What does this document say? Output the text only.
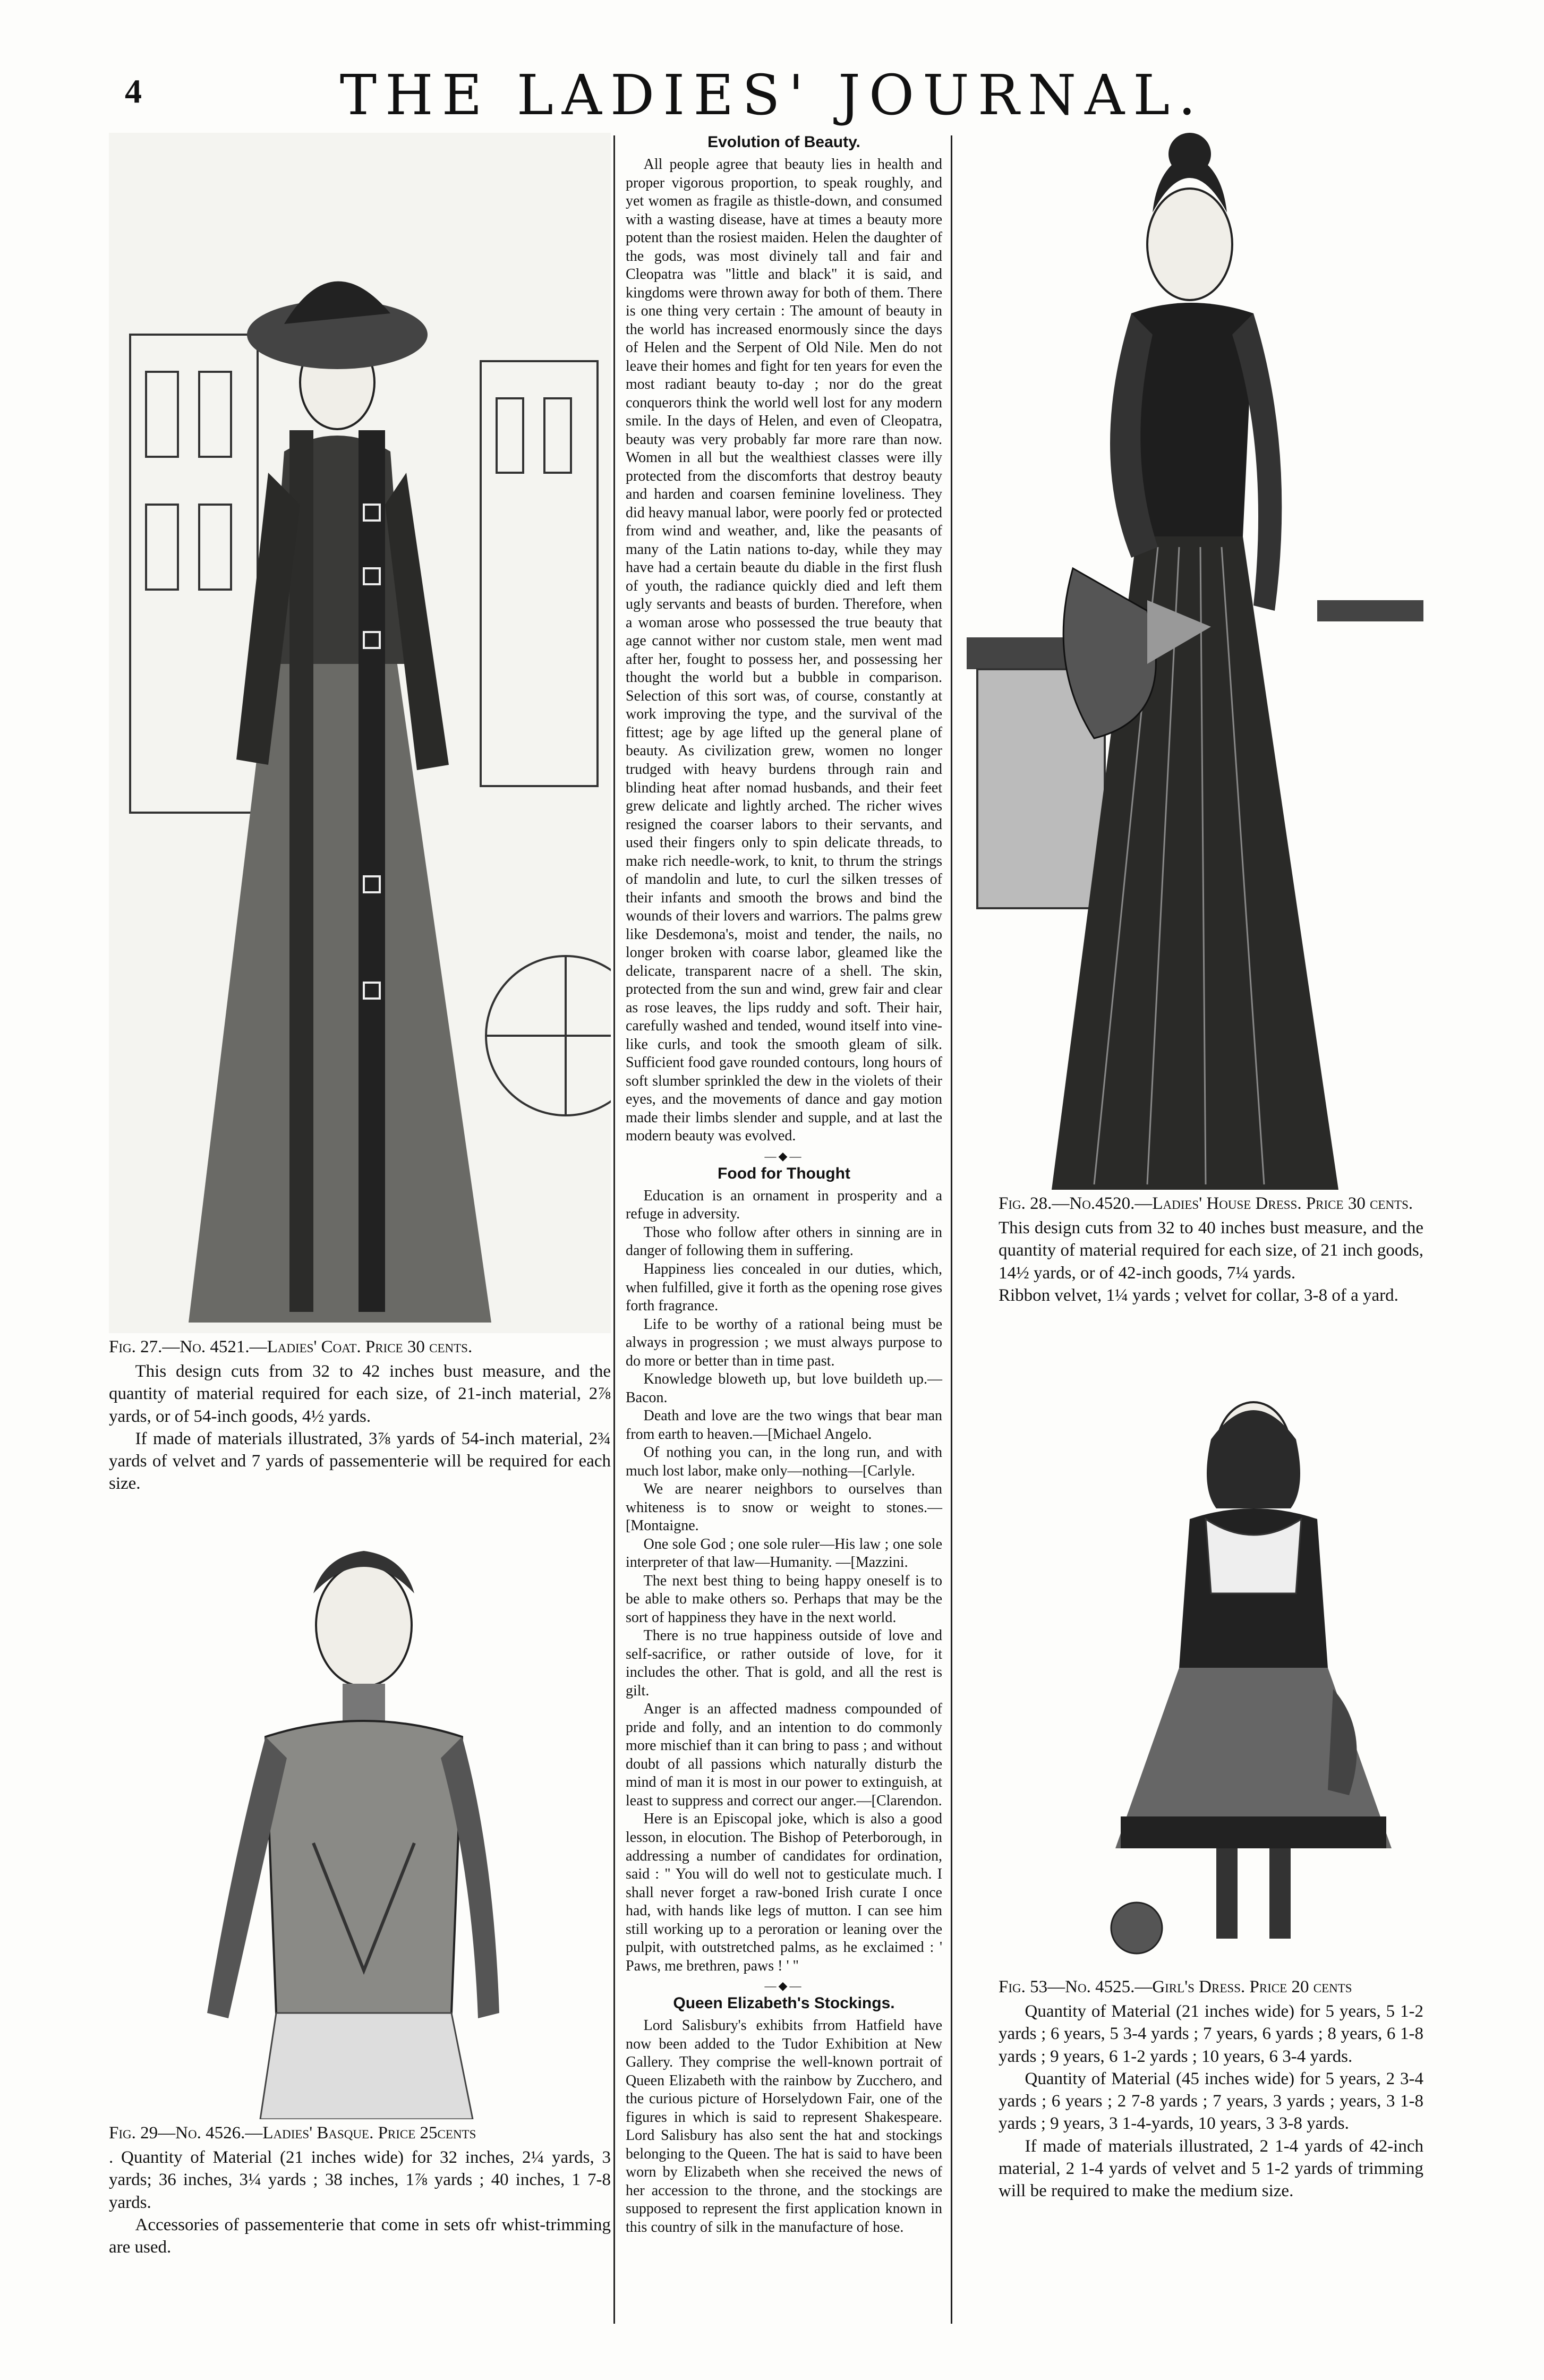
4	THE LADIES' JOURNAL.
Fig. 27.—No. 4521.—Ladies' Coat. Price 30 cents.

This design cuts from 32 to 42 inches bust measure, and the quantity of material required for each size, of 21-inch material, 2⅞ yards, or of 54-inch goods, 4½ yards.

If made of materials illustrated, 3⅞ yards of 54-inch material, 2¾ yards of velvet and 7 yards of passementerie will be required for each size.

Fig. 29—No. 4526.—Ladies' Basque. Price 25cents

. Quantity of Material (21 inches wide) for 32 inches, 2¼ yards, 3 yards; 36 inches, 3¼ yards ; 38 inches, 1⅞ yards ; 40 inches, 1 7-8 yards.

Accessories of passementerie that come in sets ofr whist-trimming are used.

Evolution of Beauty.

All people agree that beauty lies in health and proper vigorous proportion, to speak roughly, and yet women as fragile as thistle-down, and consumed with a wasting disease, have at times a beauty more potent than the rosiest maiden. Helen the daughter of the gods, was most divinely tall and fair and Cleopatra was "little and black" it is said, and kingdoms were thrown away for both of them. There is one thing very certain : The amount of beauty in the world has increased enormously since the days of Helen and the Serpent of Old Nile. Men do not leave their homes and fight for ten years for even the most radiant beauty to-day ; nor do the great conquerors think the world well lost for any modern smile. In the days of Helen, and even of Cleopatra, beauty was very probably far more rare than now. Women in all but the wealthiest classes were illy protected from the discomforts that destroy beauty and harden and coarsen feminine loveliness. They did heavy manual labor, were poorly fed or protected from wind and weather, and, like the peasants of many of the Latin nations to-day, while they may have had a certain beaute du diable in the first flush of youth, the radiance quickly died and left them ugly servants and beasts of burden. Therefore, when a woman arose who possessed the true beauty that age cannot wither nor custom stale, men went mad after her, fought to possess her, and possessing her thought the world but a bubble in comparison. Selection of this sort was, of course, constantly at work improving the type, and the survival of the fittest; age by age lifted up the general plane of beauty. As civilization grew, women no longer trudged with heavy burdens through rain and blinding heat after nomad husbands, and their feet grew delicate and lightly arched. The richer wives resigned the coarser labors to their servants, and used their fingers only to spin delicate threads, to make rich needle-work, to knit, to thrum the strings of mandolin and lute, to curl the silken tresses of their infants and smooth the brows and bind the wounds of their lovers and warriors. The palms grew like Desdemona's, moist and tender, the nails, no longer broken with coarse labor, gleamed like the delicate, transparent nacre of a shell. The skin, protected from the sun and wind, grew fair and clear as rose leaves, the lips ruddy and soft. Their hair, carefully washed and tended, wound itself into vine-like curls, and took the smooth gleam of silk. Sufficient food gave rounded contours, long hours of soft slumber sprinkled the dew in the violets of their eyes, and the movements of dance and gay motion made their limbs slender and supple, and at last the modern beauty was evolved.

—◆—
Food for Thought

Education is an ornament in prosperity and a refuge in adversity.

Those who follow after others in sinning are in danger of following them in suffering.

Happiness lies concealed in our duties, which, when fulfilled, give it forth as the opening rose gives forth fragrance.

Life to be worthy of a rational being must be always in progression ; we must always purpose to do more or better than in time past.

Knowledge bloweth up, but love buildeth up.—Bacon.

Death and love are the two wings that bear man from earth to heaven.—[Michael Angelo.

Of nothing you can, in the long run, and with much lost labor, make only—nothing—[Carlyle.

We are nearer neighbors to ourselves than whiteness is to snow or weight to stones.—[Montaigne.

One sole God ; one sole ruler—His law ; one sole interpreter of that law—Humanity. —[Mazzini.

The next best thing to being happy oneself is to be able to make others so. Perhaps that may be the sort of happiness they have in the next world.

There is no true happiness outside of love and self-sacrifice, or rather outside of love, for it includes the other. That is gold, and all the rest is gilt.

Anger is an affected madness compounded of pride and folly, and an intention to do commonly more mischief than it can bring to pass ; and without doubt of all passions which naturally disturb the mind of man it is most in our power to extinguish, at least to suppress and correct our anger.—[Clarendon.

Here is an Episcopal joke, which is also a good lesson, in elocution. The Bishop of Peterborough, in addressing a number of candidates for ordination, said : " You will do well not to gesticulate much. I shall never forget a raw-boned Irish curate I once had, with hands like legs of mutton. I can see him still working up to a peroration or leaning over the pulpit, with outstretched palms, as he exclaimed : ' Paws, me brethren, paws ! ' "

—◆—
Queen Elizabeth's Stockings.

Lord Salisbury's exhibits frrom Hatfield have now been added to the Tudor Exhibition at New Gallery. They comprise the well-known portrait of Queen Elizabeth with the rainbow by Zucchero, and the curious picture of Horselydown Fair, one of the figures in which is said to represent Shakespeare. Lord Salisbury has also sent the hat and stockings belonging to the Queen. The hat is said to have been worn by Elizabeth when she received the news of her accession to the throne, and the stockings are supposed to represent the first application known in this country of silk in the manufacture of hose.

Fig. 28.—No.4520.—Ladies' House Dress. Price 30 cents.

This design cuts from 32 to 40 inches bust measure, and the quantity of material required for each size, of 21 inch goods, 14½ yards, or of 42-inch goods, 7¼ yards.

Ribbon velvet, 1¼ yards ; velvet for collar, 3-8 of a yard.

Fig. 53—No. 4525.—Girl's Dress. Price 20 cents

Quantity of Material (21 inches wide) for 5 years, 5 1-2 yards ; 6 years, 5 3-4 yards ; 7 years, 6 yards ; 8 years, 6 1-8 yards ; 9 years, 6 1-2 yards ; 10 years, 6 3-4 yards.

Quantity of Material (45 inches wide) for 5 years, 2 3-4 yards ; 6 years ; 2 7-8 yards ; 7 years, 3 yards ; years, 3 1-8 yards ; 9 years, 3 1-4-yards, 10 years, 3 3-8 yards.

If made of materials illustrated, 2 1-4 yards of 42-inch material, 2 1-4 yards of velvet and 5 1-2 yards of trimming will be required to make the medium size.
